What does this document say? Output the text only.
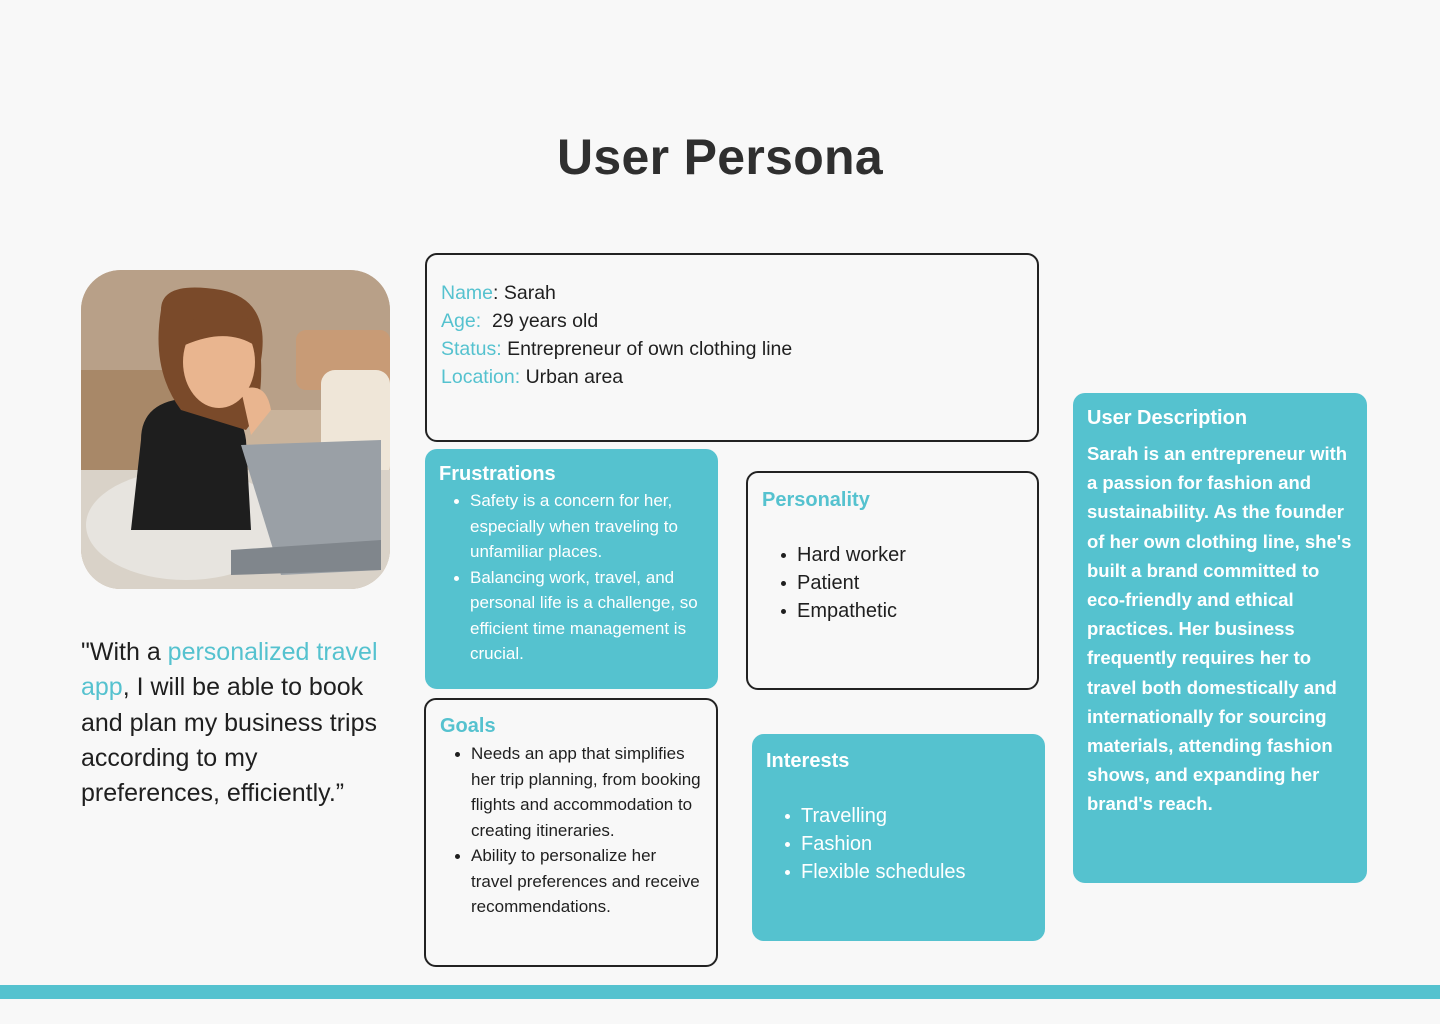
User Persona
"With a personalized travel app, I will be able to book and plan my business trips according to my preferences, efficiently.”
Name: Sarah
Age: 29 years old
Status: Entrepreneur of own clothing line
Location: Urban area
Frustrations
Safety is a concern for her, especially when traveling to unfamiliar places.
Balancing work, travel, and personal life is a challenge, so efficient time management is crucial.
Goals
Needs an app that simplifies her trip planning, from booking flights and accommodation to creating itineraries.
Ability to personalize her travel preferences and receive recommendations.
Personality
Hard worker
Patient
Empathetic
Interests
Travelling
Fashion
Flexible schedules
User Description

Sarah is an entrepreneur with a passion for fashion and sustainability. As the founder of her own clothing line, she's built a brand committed to eco-friendly and ethical practices. Her business frequently requires her to travel both domestically and internationally for sourcing materials, attending fashion shows, and expanding her brand's reach.
